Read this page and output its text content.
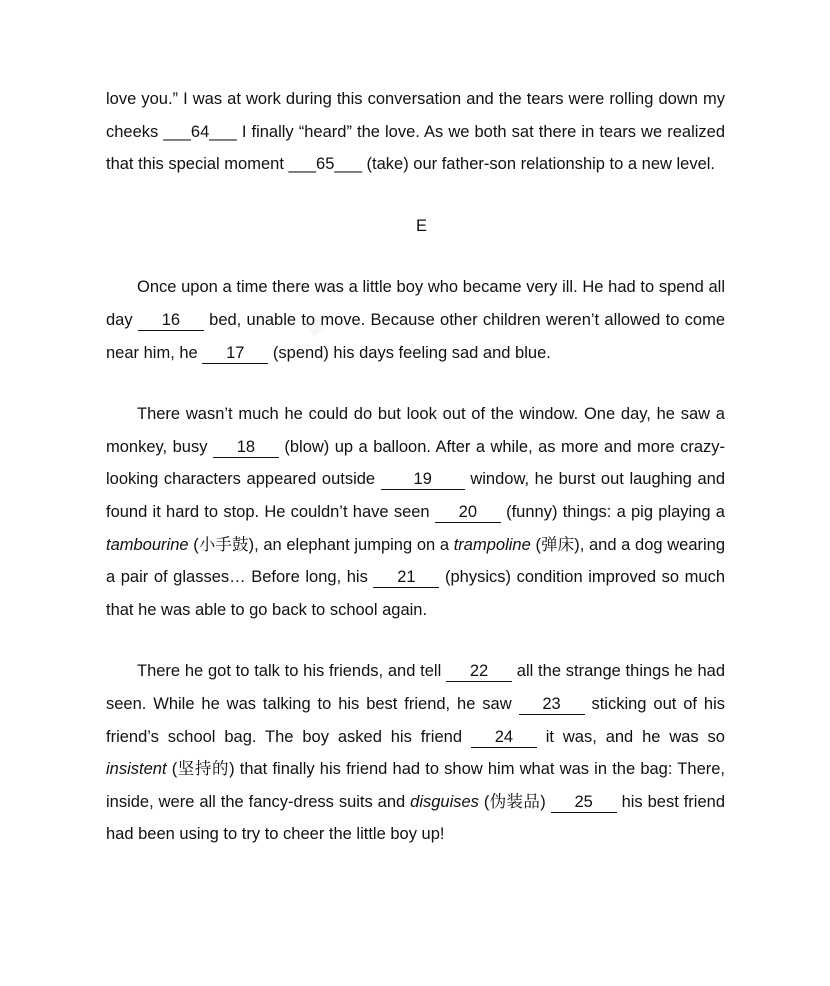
love you.” I was at work during this conversation and the tears were rolling down my cheeks ___64___ I finally “heard” the love. As we both sat there in tears we realized that this special moment ___65___ (take) our father-son relationship to a new level.

E

Once upon a time there was a little boy who became very ill. He had to spend all day 16 bed, unable to move. Because other children weren’t allowed to come near him, he 17 (spend) his days feeling sad and blue.

There wasn’t much he could do but look out of the window. One day, he saw a monkey, busy 18 (blow) up a balloon. After a while, as more and more crazy-looking characters appeared outside 19 window, he burst out laughing and found it hard to stop. He couldn’t have seen 20 (funny) things: a pig playing a tambourine (小手鼓), an elephant jumping on a trampoline (弹床), and a dog wearing a pair of glasses… Before long, his 21 (physics) condition improved so much that he was able to go back to school again.

There he got to talk to his friends, and tell 22 all the strange things he had seen. While he was talking to his best friend, he saw 23 sticking out of his friend’s school bag. The boy asked his friend 24 it was, and he was so insistent (坚持的) that finally his friend had to show him what was in the bag: There, inside, were all the fancy-dress suits and disguises (伪装品) 25 his best friend had been using to try to cheer the little boy up!
